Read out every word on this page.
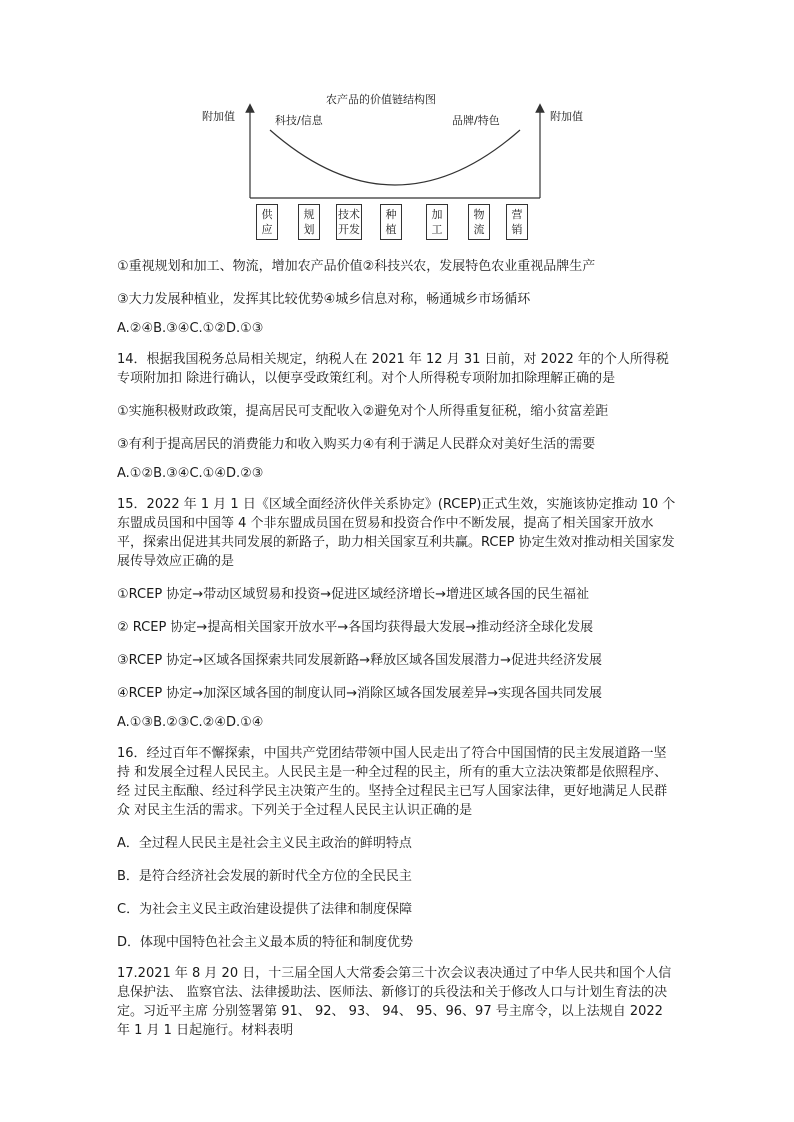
农产品的价值链结构图
附加值	附加值
科技/信息	品牌/特色
供应
规划
技术开发
种植
加工
物流
营销

①重视规划和加工、物流，增加农产品价值②科技兴农，发展特色农业重视品牌生产

③大力发展种植业，发挥其比较优势④城乡信息对称，畅通城乡市场循环

A.②④B.③④C.①②D.①③

14．根据我国税务总局相关规定，纳税人在 2021 年 12 月 31 日前，对 2022 年的个人所得税专项附加扣 除进行确认，以便享受政策红利。对个人所得税专项附加扣除理解正确的是

①实施积极财政政策，提高居民可支配收入②避免对个人所得重复征税，缩小贫富差距

③有利于提高居民的消费能力和收入购买力④有利于满足人民群众对美好生活的需要

A.①②B.③④C.①④D.②③

15．2022 年 1 月 1 日《区域全面经济伙伴关系协定》(RCEP)正式生效，实施该协定推动 10 个东盟成员国和中国等 4 个非东盟成员国在贸易和投资合作中不断发展，提高了相关国家开放水平，探索出促进其共同发展的新路子，助力相关国家互利共赢。RCEP 协定生效对推动相关国家发展传导效应正确的是

①RCEP 协定→带动区域贸易和投资→促进区域经济增长→增进区域各国的民生福祉

② RCEP 协定→提高相关国家开放水平→各国均获得最大发展→推动经济全球化发展

③RCEP 协定→区域各国探索共同发展新路→释放区域各国发展潜力→促进共经济发展

④RCEP 协定→加深区域各国的制度认同→消除区域各国发展差异→实现各国共同发展

A.①③B.②③C.②④D.①④

16．经过百年不懈探索，中国共产党团结带领中国人民走出了符合中国国情的民主发展道路一坚持 和发展全过程人民民主。人民民主是一种全过程的民主，所有的重大立法决策都是依照程序、经 过民主酝酿、经过科学民主决策产生的。坚持全过程民主已写人国家法律，更好地满足人民群众 对民主生活的需求。下列关于全过程人民民主认识正确的是

A．全过程人民民主是社会主义民主政治的鲜明特点

B．是符合经济社会发展的新时代全方位的全民民主

C．为社会主义民主政治建设提供了法律和制度保障

D．体现中国特色社会主义最本质的特征和制度优势

17.2021 年 8 月 20 日，十三届全国人大常委会第三十次会议表决通过了中华人民共和国个人信息保护法、 监察官法、法律援助法、医师法、新修订的兵役法和关于修改人口与计划生育法的决定。习近平主席 分别签署第 91、 92、 93、 94、 95、96、97 号主席令，以上法规自 2022 年 1 月 1 日起施行。材料表明
